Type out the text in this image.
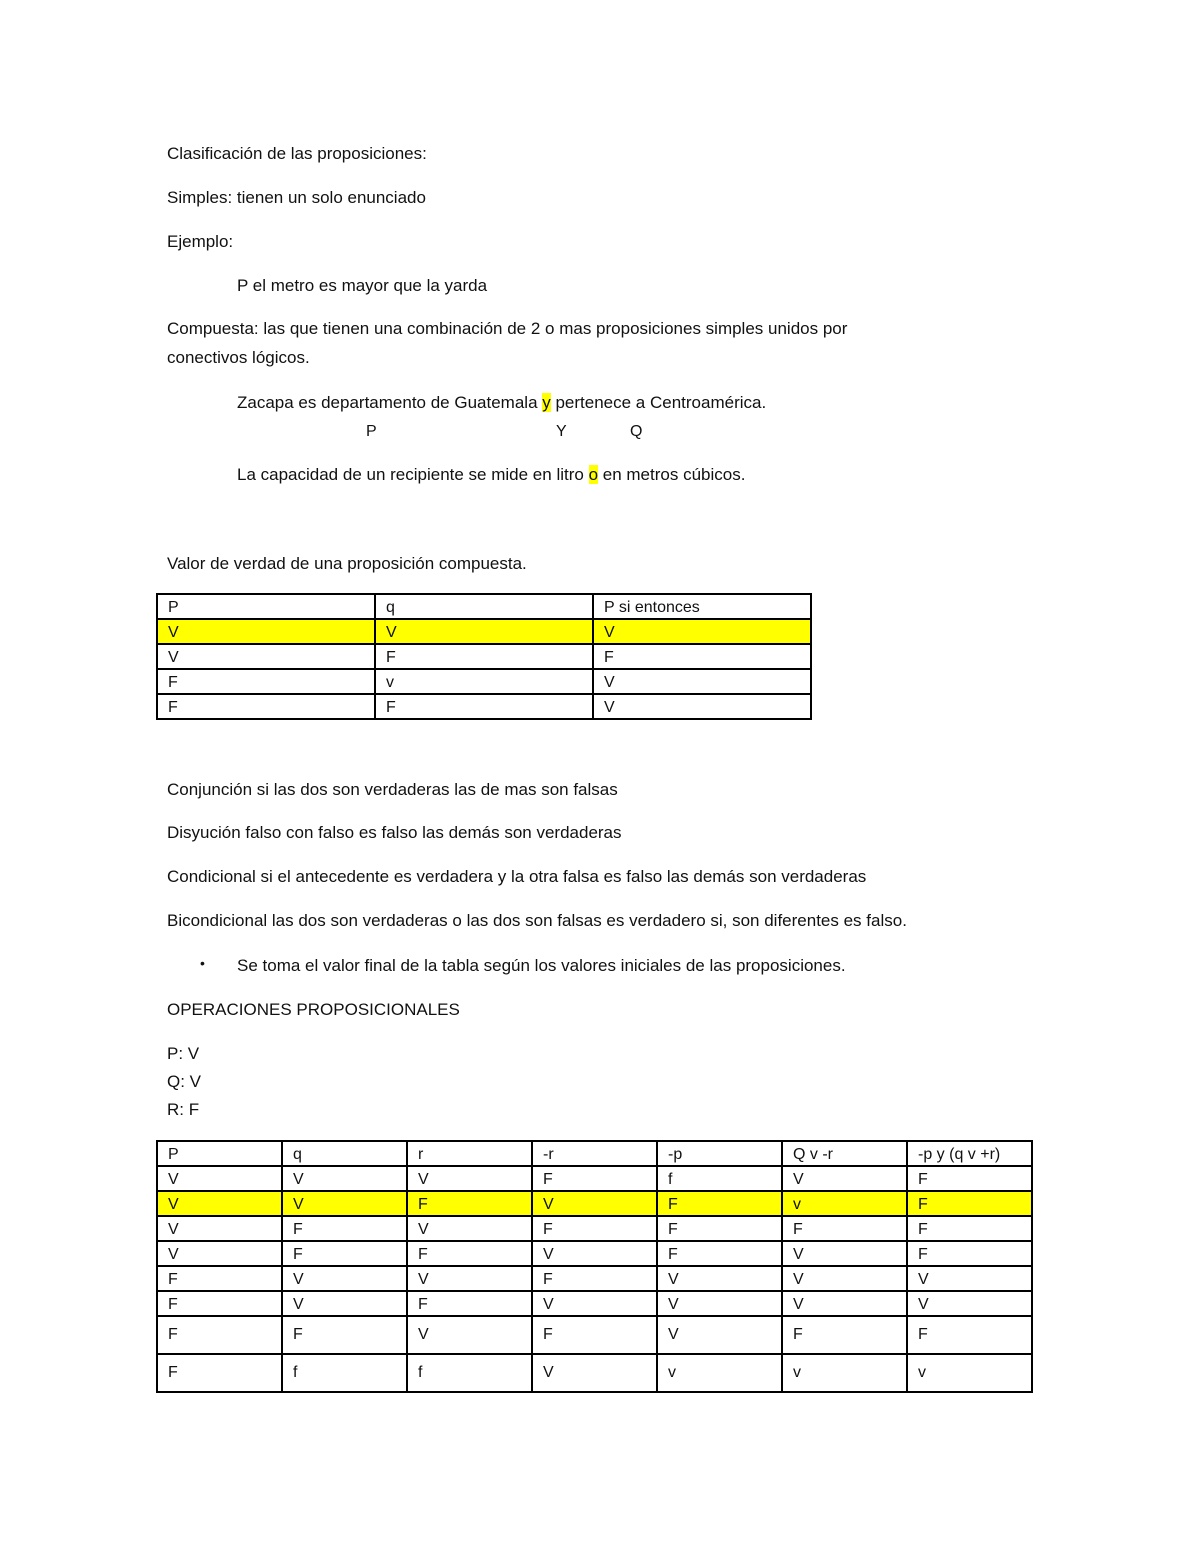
Clasificación de las proposiciones:
Simples: tienen un solo enunciado
Ejemplo:
P el metro es mayor que la yarda
Compuesta: las que tienen una combinación de 2 o mas proposiciones simples unidos por
conectivos lógicos.
Zacapa es departamento de Guatemala y pertenece a Centroamérica.
P	Y	Q
La capacidad de un recipiente se mide en litro o en metros cúbicos.
Valor de verdad de una proposición compuesta.
P	q	P si entonces
V	V	V
V	F	F
F	v	V
F	F	V
Conjunción si las dos son verdaderas las de mas son falsas
Disyución falso con falso es falso las demás son verdaderas
Condicional si el antecedente es verdadera y la otra falsa es falso las demás son verdaderas
Bicondicional las dos son verdaderas o las dos son falsas es verdadero si, son diferentes es falso.
• Se toma el valor final de la tabla según los valores iniciales de las proposiciones.
OPERACIONES PROPOSICIONALES
P: V
Q: V
R: F
P	q	r	-r	-p	Q v -r	-p y (q v +r)
V	V	V	F	f	V	F
V	V	F	V	F	v	F
V	F	V	F	F	F	F
V	F	F	V	F	V	F
F	V	V	F	V	V	V
F	V	F	V	V	V	V
F	F	V	F	V	F	F
F	f	f	V	v	v	v
